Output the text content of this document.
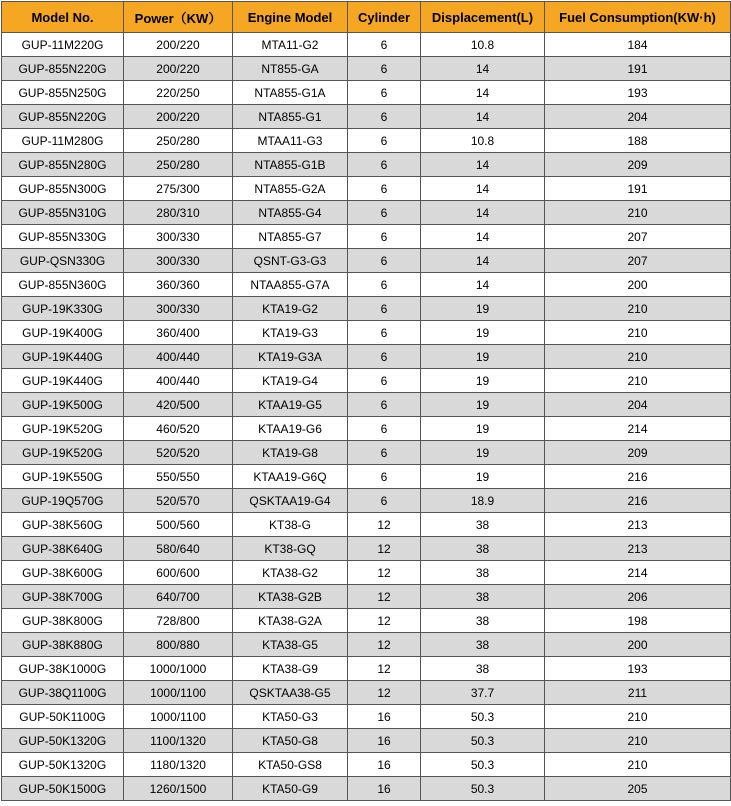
Model No.	Power（KW）	Engine Model	Cylinder	Displacement(L)	Fuel Consumption(KW·h)
GUP-11M220G	200/220	MTA11-G2	6	10.8	184
GUP-855N220G	200/220	NT855-GA	6	14	191
GUP-855N250G	220/250	NTA855-G1A	6	14	193
GUP-855N220G	200/220	NTA855-G1	6	14	204
GUP-11M280G	250/280	MTAA11-G3	6	10.8	188
GUP-855N280G	250/280	NTA855-G1B	6	14	209
GUP-855N300G	275/300	NTA855-G2A	6	14	191
GUP-855N310G	280/310	NTA855-G4	6	14	210
GUP-855N330G	300/330	NTA855-G7	6	14	207
GUP-QSN330G	300/330	QSNT-G3-G3	6	14	207
GUP-855N360G	360/360	NTAA855-G7A	6	14	200
GUP-19K330G	300/330	KTA19-G2	6	19	210
GUP-19K400G	360/400	KTA19-G3	6	19	210
GUP-19K440G	400/440	KTA19-G3A	6	19	210
GUP-19K440G	400/440	KTA19-G4	6	19	210
GUP-19K500G	420/500	KTAA19-G5	6	19	204
GUP-19K520G	460/520	KTAA19-G6	6	19	214
GUP-19K520G	520/520	KTA19-G8	6	19	209
GUP-19K550G	550/550	KTAA19-G6Q	6	19	216
GUP-19Q570G	520/570	QSKTAA19-G4	6	18.9	216
GUP-38K560G	500/560	KT38-G	12	38	213
GUP-38K640G	580/640	KT38-GQ	12	38	213
GUP-38K600G	600/600	KTA38-G2	12	38	214
GUP-38K700G	640/700	KTA38-G2B	12	38	206
GUP-38K800G	728/800	KTA38-G2A	12	38	198
GUP-38K880G	800/880	KTA38-G5	12	38	200
GUP-38K1000G	1000/1000	KTA38-G9	12	38	193
GUP-38Q1100G	1000/1100	QSKTAA38-G5	12	37.7	211
GUP-50K1100G	1000/1100	KTA50-G3	16	50.3	210
GUP-50K1320G	1100/1320	KTA50-G8	16	50.3	210
GUP-50K1320G	1180/1320	KTA50-GS8	16	50.3	210
GUP-50K1500G	1260/1500	KTA50-G9	16	50.3	205
